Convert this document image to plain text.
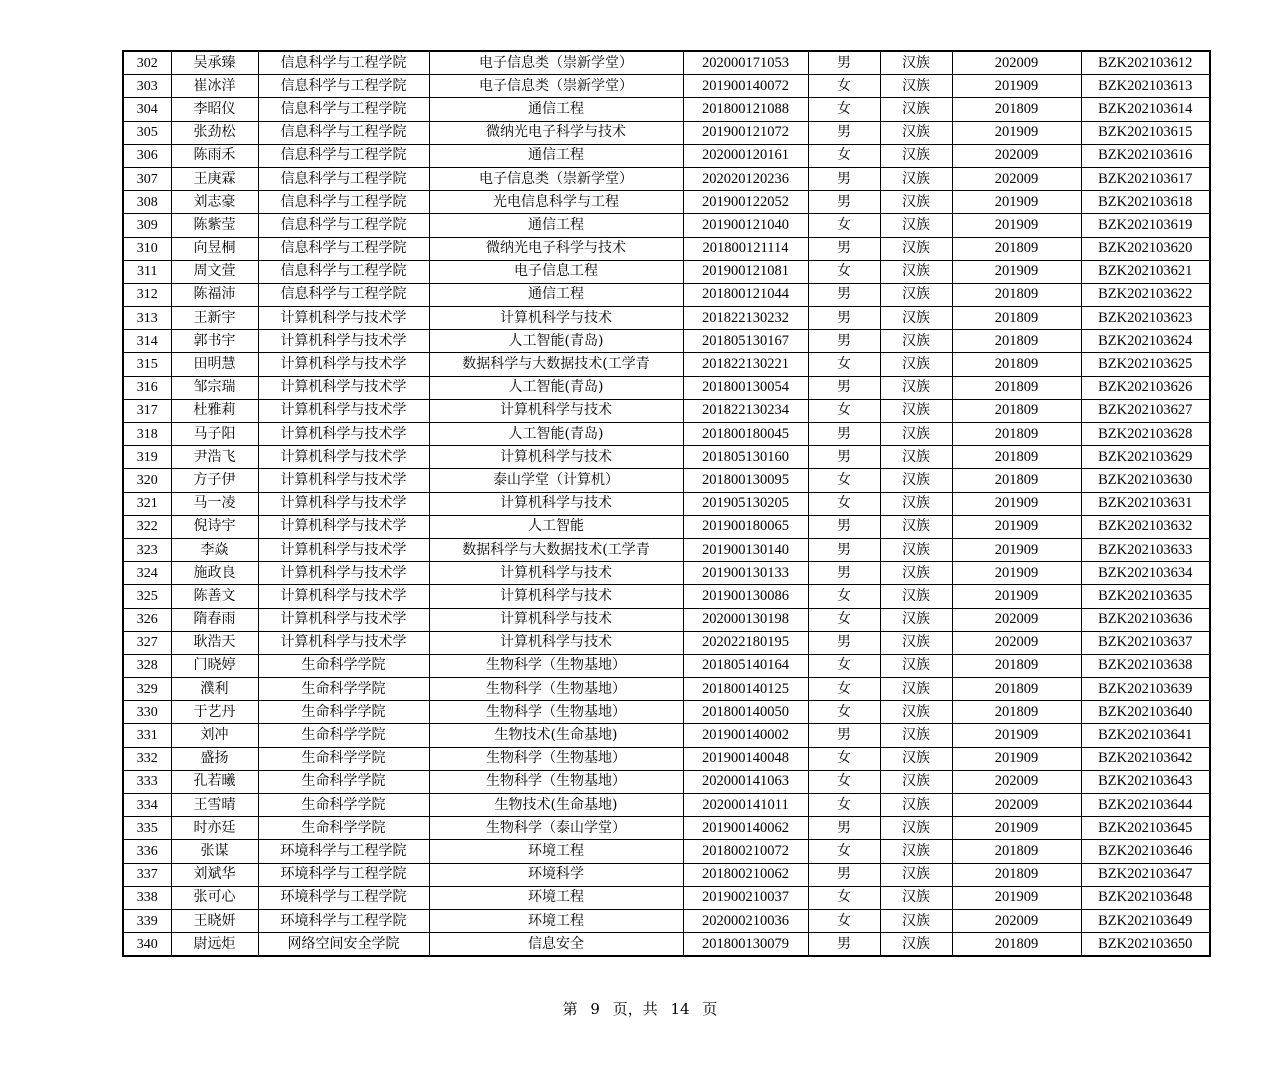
302	吴承臻	信息科学与工程学院	电子信息类（崇新学堂）	202000171053	男	汉族	202009	BZK202103612
303	崔冰洋	信息科学与工程学院	电子信息类（崇新学堂）	201900140072	女	汉族	201909	BZK202103613
304	李昭仪	信息科学与工程学院	通信工程	201800121088	女	汉族	201809	BZK202103614
305	张劲松	信息科学与工程学院	微纳光电子科学与技术	201900121072	男	汉族	201909	BZK202103615
306	陈雨禾	信息科学与工程学院	通信工程	202000120161	女	汉族	202009	BZK202103616
307	王庚霖	信息科学与工程学院	电子信息类（崇新学堂）	202020120236	男	汉族	202009	BZK202103617
308	刘志豪	信息科学与工程学院	光电信息科学与工程	201900122052	男	汉族	201909	BZK202103618
309	陈紫莹	信息科学与工程学院	通信工程	201900121040	女	汉族	201909	BZK202103619
310	向昱桐	信息科学与工程学院	微纳光电子科学与技术	201800121114	男	汉族	201809	BZK202103620
311	周文萱	信息科学与工程学院	电子信息工程	201900121081	女	汉族	201909	BZK202103621
312	陈福沛	信息科学与工程学院	通信工程	201800121044	男	汉族	201809	BZK202103622
313	王新宇	计算机科学与技术学	计算机科学与技术	201822130232	男	汉族	201809	BZK202103623
314	郭书宇	计算机科学与技术学	人工智能(青岛)	201805130167	男	汉族	201809	BZK202103624
315	田明慧	计算机科学与技术学	数据科学与大数据技术(工学青	201822130221	女	汉族	201809	BZK202103625
316	邹宗瑞	计算机科学与技术学	人工智能(青岛)	201800130054	男	汉族	201809	BZK202103626
317	杜雅莉	计算机科学与技术学	计算机科学与技术	201822130234	女	汉族	201809	BZK202103627
318	马子阳	计算机科学与技术学	人工智能(青岛)	201800180045	男	汉族	201809	BZK202103628
319	尹浩飞	计算机科学与技术学	计算机科学与技术	201805130160	男	汉族	201809	BZK202103629
320	方子伊	计算机科学与技术学	泰山学堂（计算机）	201800130095	女	汉族	201809	BZK202103630
321	马一凌	计算机科学与技术学	计算机科学与技术	201905130205	女	汉族	201909	BZK202103631
322	倪诗宇	计算机科学与技术学	人工智能	201900180065	男	汉族	201909	BZK202103632
323	李焱	计算机科学与技术学	数据科学与大数据技术(工学青	201900130140	男	汉族	201909	BZK202103633
324	施政良	计算机科学与技术学	计算机科学与技术	201900130133	男	汉族	201909	BZK202103634
325	陈善文	计算机科学与技术学	计算机科学与技术	201900130086	女	汉族	201909	BZK202103635
326	隋春雨	计算机科学与技术学	计算机科学与技术	202000130198	女	汉族	202009	BZK202103636
327	耿浩天	计算机科学与技术学	计算机科学与技术	202022180195	男	汉族	202009	BZK202103637
328	门晓婷	生命科学学院	生物科学（生物基地）	201805140164	女	汉族	201809	BZK202103638
329	濮利	生命科学学院	生物科学（生物基地）	201800140125	女	汉族	201809	BZK202103639
330	于艺丹	生命科学学院	生物科学（生物基地）	201800140050	女	汉族	201809	BZK202103640
331	刘冲	生命科学学院	生物技术(生命基地)	201900140002	男	汉族	201909	BZK202103641
332	盛扬	生命科学学院	生物科学（生物基地）	201900140048	女	汉族	201909	BZK202103642
333	孔若曦	生命科学学院	生物科学（生物基地）	202000141063	女	汉族	202009	BZK202103643
334	王雪晴	生命科学学院	生物技术(生命基地)	202000141011	女	汉族	202009	BZK202103644
335	时亦廷	生命科学学院	生物科学（泰山学堂）	201900140062	男	汉族	201909	BZK202103645
336	张谋	环境科学与工程学院	环境工程	201800210072	女	汉族	201809	BZK202103646
337	刘斌华	环境科学与工程学院	环境科学	201800210062	男	汉族	201809	BZK202103647
338	张可心	环境科学与工程学院	环境工程	201900210037	女	汉族	201909	BZK202103648
339	王晓妍	环境科学与工程学院	环境工程	202000210036	女	汉族	202009	BZK202103649
340	尉远炬	网络空间安全学院	信息安全	201800130079	男	汉族	201809	BZK202103650
第 9 页，共 14 页
